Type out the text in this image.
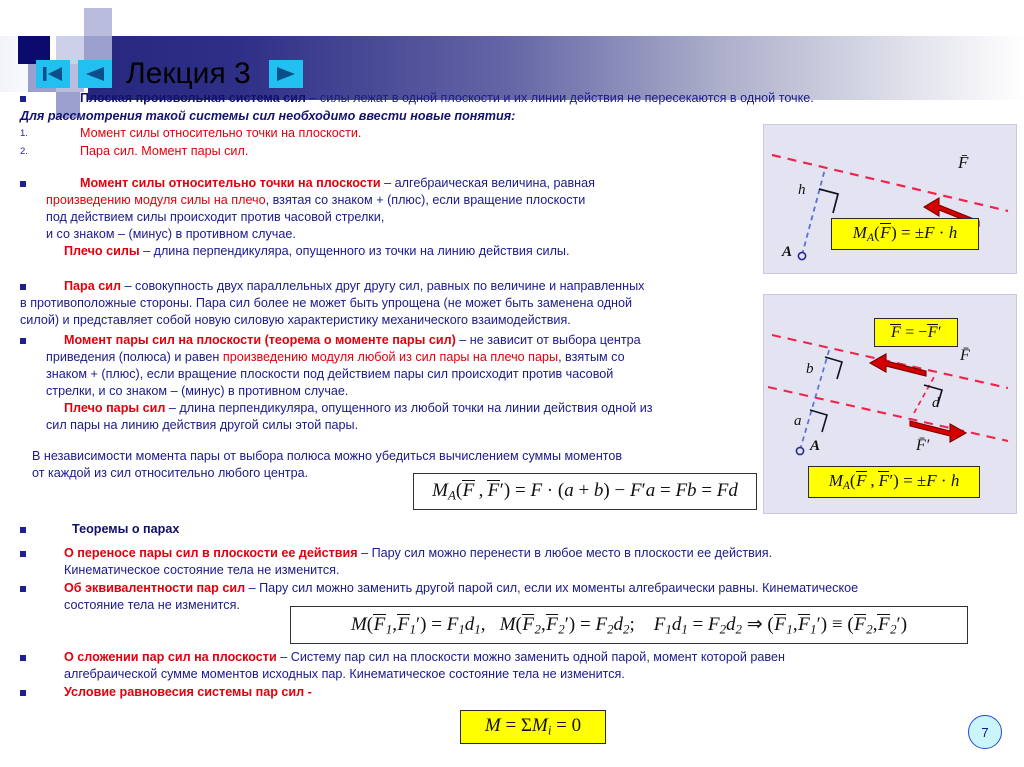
Лекция 3
Плоская произвольная система сил – силы лежат в одной плоскости и их линии действия не пересекаются в одной точке.
Для рассмотрения такой системы сил необходимо ввести новые понятия:
1.	Момент силы относительно точки на плоскости.
2.	Пара сил. Момент пары сил.
Момент силы относительно точки на плоскости – алгебраическая величина, равная
произведению модуля силы на плечо, взятая со знаком + (плюс), если вращение плоскости
под действием силы происходит против часовой стрелки,
и со знаком – (минус) в противном случае.
Плечо силы – длина перпендикуляра, опущенного из точки на линию действия силы.
Пара сил – совокупность двух параллельных друг другу сил, равных по величине и направленных
в противоположные стороны. Пара сил более не может быть упрощена (не может быть заменена одной
силой) и представляет собой новую силовую характеристику механического взаимодействия.
Момент пары сил на плоскости (теорема о моменте пары сил) – не зависит от выбора центра
приведения (полюса) и равен произведению модуля любой из сил пары на плечо пары, взятым со
знаком + (плюс), если вращение плоскости под действием пары сил происходит против часовой
стрелки, и со знаком – (минус) в противном случае.
Плечо пары сил – длина перпендикуляра, опущенного из любой точки на линии действия одной из
сил пары на линию действия другой силы этой пары.
В независимости момента пары от выбора полюса можно убедиться вычислением суммы моментов
от каждой из сил относительно любого центра.
$M_A(F$ , F′) = F · (a + b) − F′a = Fb = Fd
Теоремы о парах
О переносе пары сил в плоскости ее действия – Пару сил можно перенести в любое место в плоскости ее действия.
Кинематическое состояние тела не изменится.
Об эквивалентности пар сил – Пару сил можно заменить другой парой сил, если их моменты алгебраически равны. Кинематическое
состояние тела не изменится.
$M(F_1,F_1') = F_1d_1$,   $M(F_2,F_2') = F_2d_2$;    $F_1d_1 = F_2d_2$ ⇒ $(F_1,F_1') \equiv (F_2,F_2')$
О сложении пар сил на плоскости – Систему пар сил на плоскости можно заменить одной парой, момент которой равен
алгебраической сумме моментов исходных пар. Кинематическое состояние тела не изменится.
Условие равновесия системы пар сил -
$M = \Sigma M_i = 0$
F̄
h
A
$M_A(F) = \pm F \cdot h$
F = −F′
F̄
F̄′
b
a
d
A
$M_A(F$ , F′) = ±F · h
7
